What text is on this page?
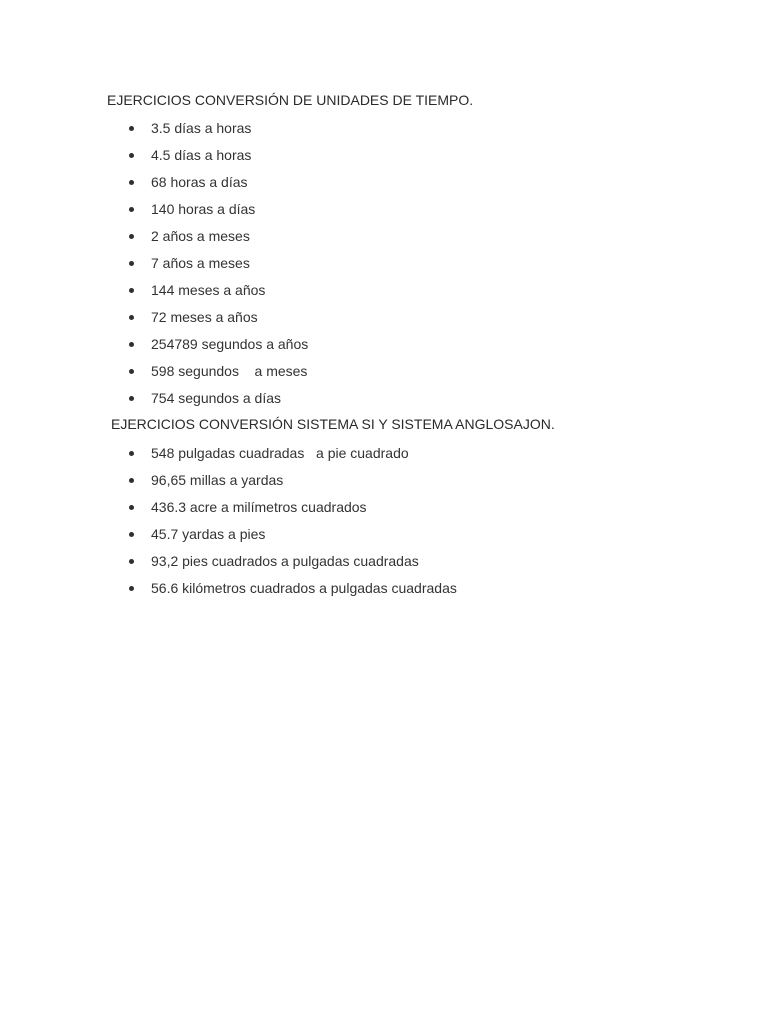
EJERCICIOS CONVERSIÓN DE UNIDADES DE TIEMPO.
3.5 días a horas
4.5 días a horas
68 horas a días
140 horas a días
2 años a meses
7 años a meses
144 meses a años
72 meses a años
254789 segundos a años
598 segundos    a meses
754 segundos a días
EJERCICIOS CONVERSIÓN SISTEMA SI Y SISTEMA ANGLOSAJON.
548 pulgadas cuadradas   a pie cuadrado
96,65 millas a yardas
436.3 acre a milímetros cuadrados
45.7 yardas a pies
93,2 pies cuadrados a pulgadas cuadradas
56.6 kilómetros cuadrados a pulgadas cuadradas
